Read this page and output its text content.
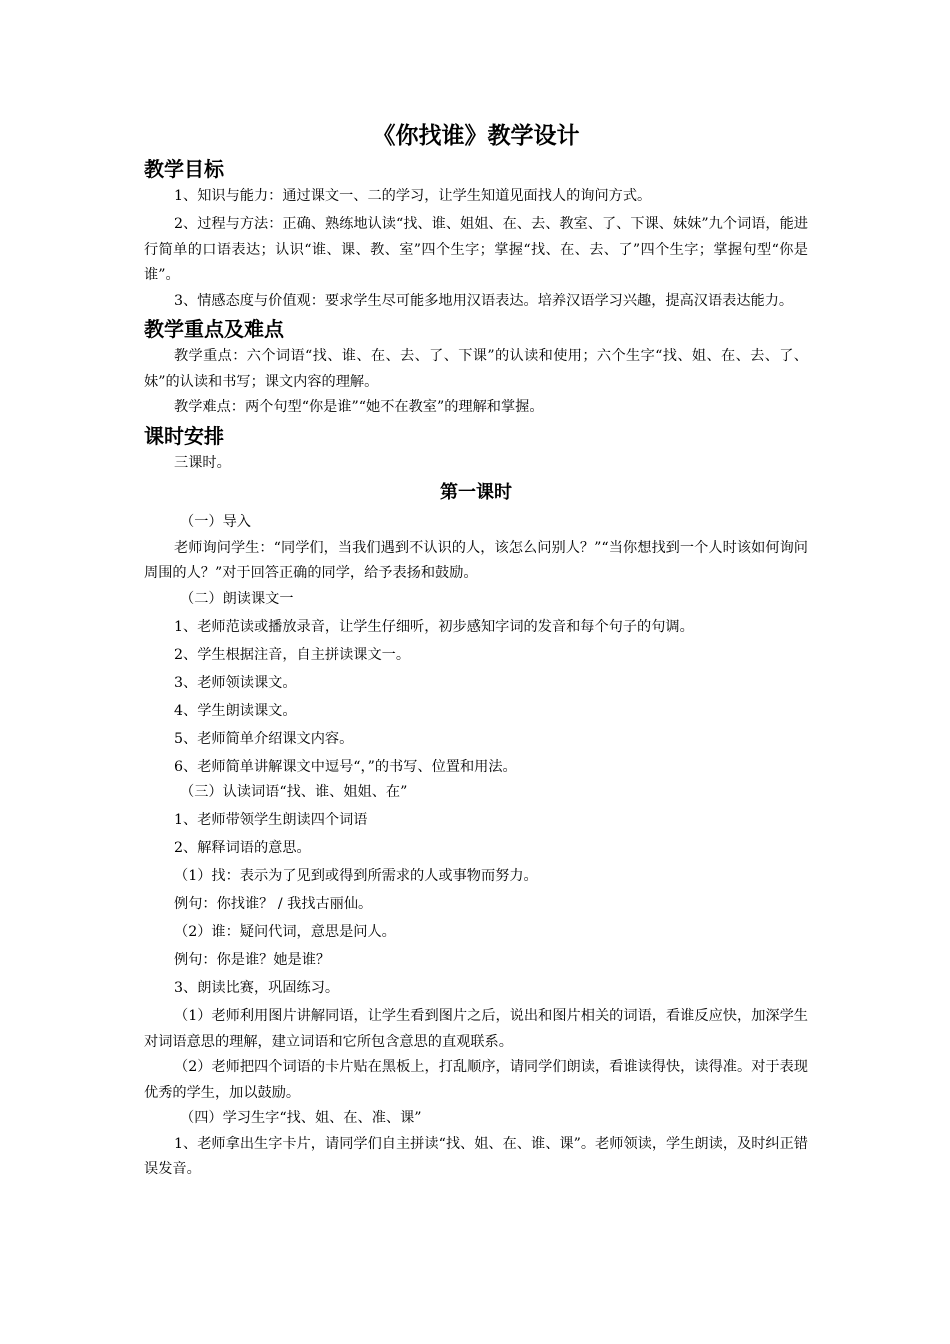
《你找谁》教学设计
教学目标

1、知识与能力：通过课文一、二的学习，让学生知道见面找人的询问方式。

2、过程与方法：正确、熟练地认读“找、谁、姐姐、在、去、教室、了、下课、妹妹”九个词语，能进行简单的口语表达；认识“谁、课、教、室”四个生字；掌握“找、在、去、了”四个生字；掌握句型“你是谁”。

3、情感态度与价值观：要求学生尽可能多地用汉语表达。培养汉语学习兴趣，提高汉语表达能力。

教学重点及难点

教学重点：六个词语“找、谁、在、去、了、下课”的认读和使用；六个生字“找、姐、在、去、了、妹”的认读和书写；课文内容的理解。

教学难点：两个句型“你是谁”“她不在教室”的理解和掌握。

课时安排

三课时。

第一课时

（一）导入

老师询问学生：“同学们，当我们遇到不认识的人，该怎么问别人？”“当你想找到一个人时该如何询问周围的人？”对于回答正确的同学，给予表扬和鼓励。

（二）朗读课文一

1、老师范读或播放录音，让学生仔细听，初步感知字词的发音和每个句子的句调。

2、学生根据注音，自主拼读课文一。

3、老师领读课文。

4、学生朗读课文。

5、老师简单介绍课文内容。

6、老师简单讲解课文中逗号“，”的书写、位置和用法。

（三）认读词语“找、谁、姐姐、在”

1、老师带领学生朗读四个词语

2、解释词语的意思。

（1）找：表示为了见到或得到所需求的人或事物而努力。

例句：你找谁？ / 我找古丽仙。

（2）谁：疑问代词，意思是问人。

例句：你是谁？她是谁？

3、朗读比赛，巩固练习。

（1）老师利用图片讲解同语，让学生看到图片之后，说出和图片相关的词语，看谁反应快，加深学生对词语意思的理解，建立词语和它所包含意思的直观联系。

（2）老师把四个词语的卡片贴在黑板上，打乱顺序，请同学们朗读，看谁读得快，读得准。对于表现优秀的学生，加以鼓励。

（四）学习生字“找、姐、在、准、课”

1、老师拿出生字卡片，请同学们自主拼读“找、姐、在、谁、课”。老师领读，学生朗读，及时纠正错误发音。
